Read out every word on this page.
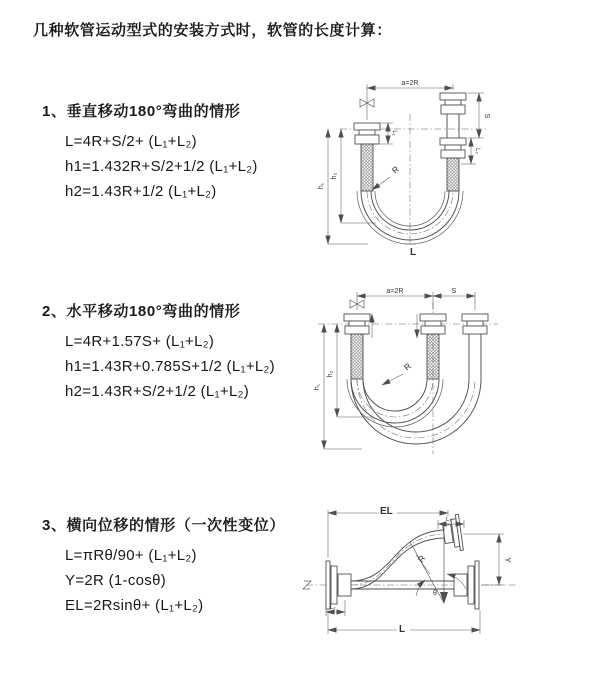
几种软管运动型式的安装方式时，软管的长度计算：
1、垂直移动180°弯曲的情形
L=4R+S/2+ (L₁+L₂)
h1=1.432R+S/2+1/2 (L₁+L₂)
h2=1.43R+1/2 (L₁+L₂)
2、水平移动180°弯曲的情形
L=4R+1.57S+ (L₁+L₂)
h1=1.43R+0.785S+1/2 (L₁+L₂)
h2=1.43R+S/2+1/2 (L₁+L₂)
3、横向位移的情形（一次性变位）
L=πRθ/90+ (L₁+L₂)
Y=2R (1-cosθ)
EL=2Rsinθ+ (L₁+L₂)
a=2R
S
L₂
L₁
h₁
h₂
R
L
a=2R	S
h₁
h₂
R
θ
R
EL
L₁
Y
L
L₂
